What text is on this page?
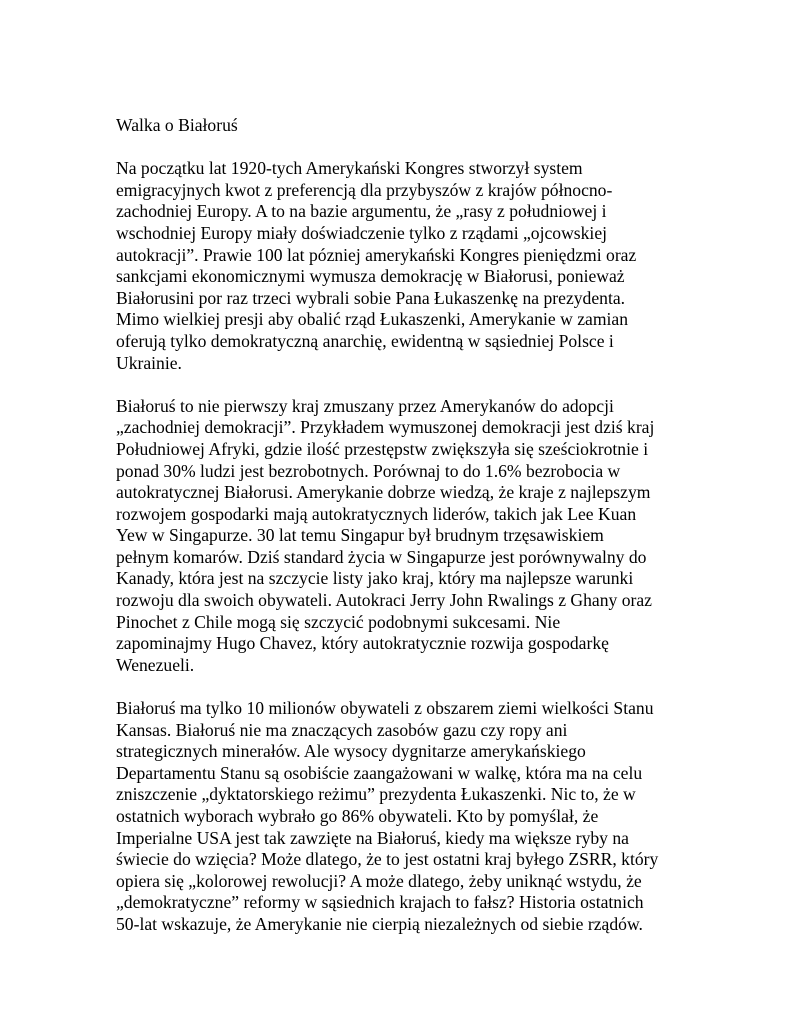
Walka o Białoruś
Na początku lat 1920-tych Amerykański Kongres stworzył system
emigracyjnych kwot z preferencją dla przybyszów z krajów północno-
zachodniej Europy. A to na bazie argumentu, że „rasy z południowej i
wschodniej Europy miały doświadczenie tylko z rządami „ojcowskiej
autokracji”. Prawie 100 lat pózniej amerykański Kongres pieniędzmi oraz
sankcjami ekonomicznymi wymusza demokrację w Białorusi, ponieważ
Białorusini por raz trzeci wybrali sobie Pana Łukaszenkę na prezydenta.
Mimo wielkiej presji aby obalić rząd Łukaszenki, Amerykanie w zamian
oferują tylko demokratyczną anarchię, ewidentną w sąsiedniej Polsce i
Ukrainie.
Białoruś to nie pierwszy kraj zmuszany przez Amerykanów do adopcji
„zachodniej demokracji”. Przykładem wymuszonej demokracji jest dziś kraj
Południowej Afryki, gdzie ilość przestępstw zwiększyła się sześciokrotnie i
ponad 30% ludzi jest bezrobotnych. Porównaj to do 1.6% bezrobocia w
autokratycznej Białorusi. Amerykanie dobrze wiedzą, że kraje z najlepszym
rozwojem gospodarki mają autokratycznych liderów, takich jak Lee Kuan
Yew w Singapurze. 30 lat temu Singapur był brudnym trzęsawiskiem
pełnym komarów. Dziś standard życia w Singapurze jest porównywalny do
Kanady, która jest na szczycie listy jako kraj, który ma najlepsze warunki
rozwoju dla swoich obywateli. Autokraci Jerry John Rwalings z Ghany oraz
Pinochet z Chile mogą się szczycić podobnymi sukcesami. Nie
zapominajmy Hugo Chavez, który autokratycznie rozwija gospodarkę
Wenezueli.
Białoruś ma tylko 10 milionów obywateli z obszarem ziemi wielkości Stanu
Kansas. Białoruś nie ma znaczących zasobów gazu czy ropy ani
strategicznych minerałów. Ale wysocy dygnitarze amerykańskiego
Departamentu Stanu są osobiście zaangażowani w walkę, która ma na celu
zniszczenie „dyktatorskiego reżimu” prezydenta Łukaszenki. Nic to, że w
ostatnich wyborach wybrało go 86% obywateli. Kto by pomyślał, że
Imperialne USA jest tak zawzięte na Białoruś, kiedy ma większe ryby na
świecie do wzięcia? Może dlatego, że to jest ostatni kraj byłego ZSRR, który
opiera się „kolorowej rewolucji? A może dlatego, żeby uniknąć wstydu, że
„demokratyczne” reformy w sąsiednich krajach to fałsz? Historia ostatnich
50-lat wskazuje, że Amerykanie nie cierpią niezależnych od siebie rządów.
